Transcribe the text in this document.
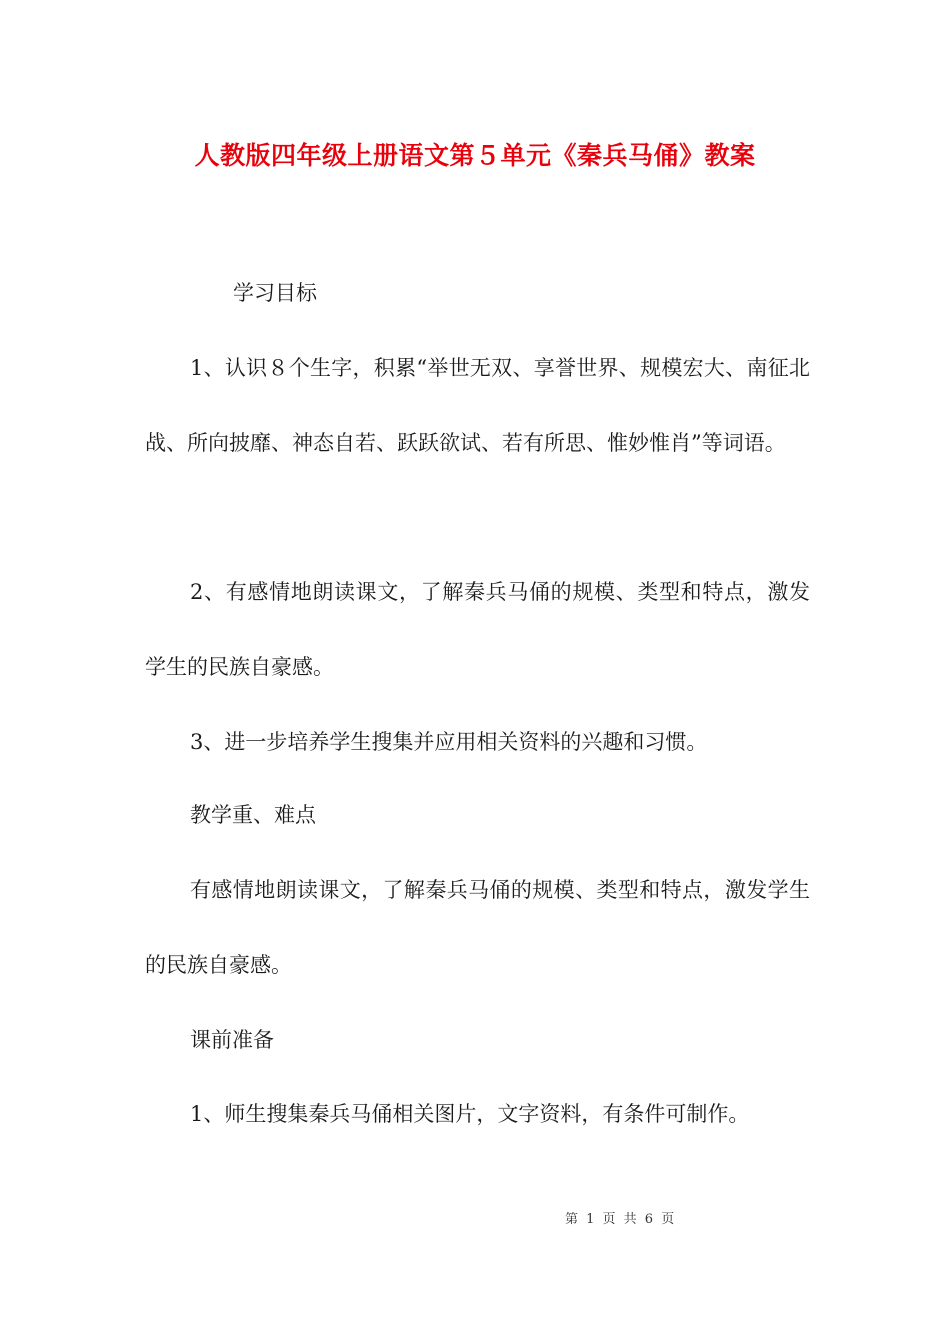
人教版四年级上册语文第５单元《秦兵马俑》教案

学习目标

1、认识８个生字，积累“举世无双、享誉世界、规模宏大、南征北战、所向披靡、神态自若、跃跃欲试、若有所思、惟妙惟肖”等词语。

2、有感情地朗读课文，了解秦兵马俑的规模、类型和特点，激发学生的民族自豪感。

3、进一步培养学生搜集并应用相关资料的兴趣和习惯。

教学重、难点

有感情地朗读课文，了解秦兵马俑的规模、类型和特点，激发学生的民族自豪感。

课前准备

1、师生搜集秦兵马俑相关图片，文字资料，有条件可制作。

第 1 页 共 6 页
